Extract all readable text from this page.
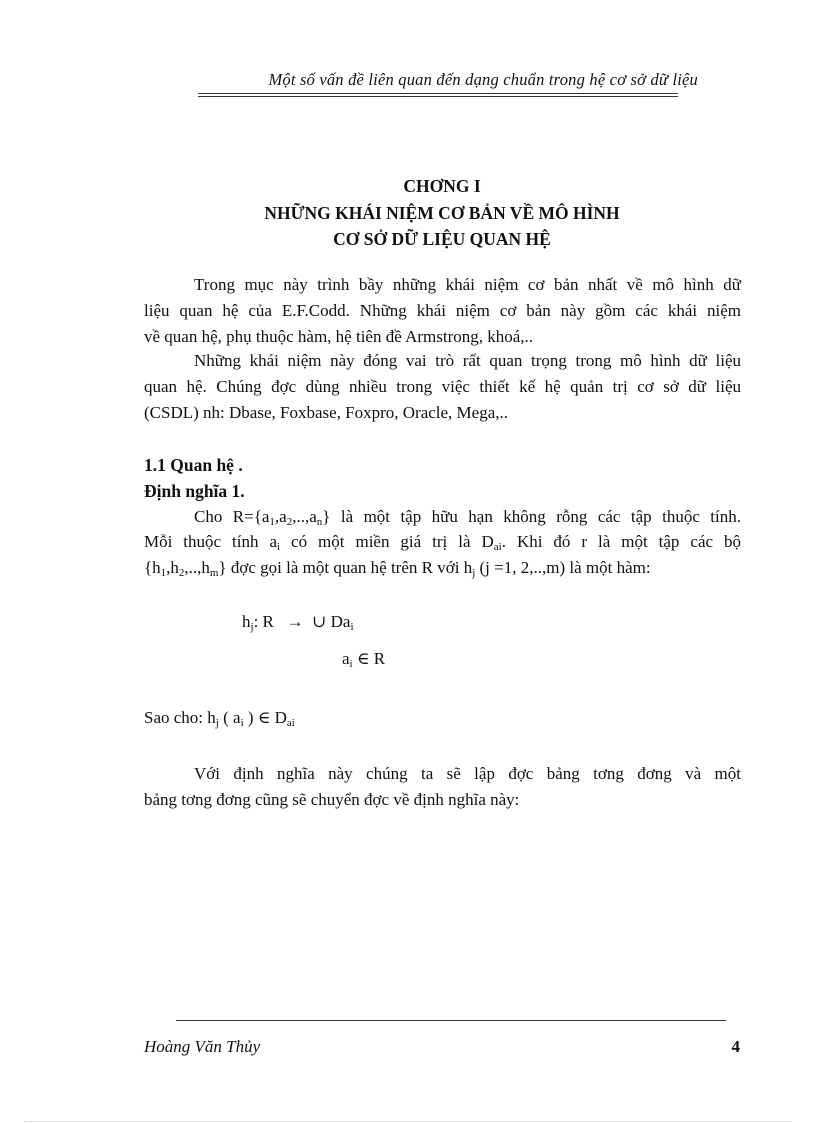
Một số vấn đề liên quan đến dạng chuẩn trong hệ cơ sở dữ liệu
CHƠNG I
NHỮNG KHÁI NIỆM CƠ BẢN VỀ MÔ HÌNH
CƠ SỞ DỮ LIỆU QUAN HỆ
Trong mục này trình bầy những khái niệm cơ bản nhất về mô hình dữ
liệu quan hệ của E.F.Codd. Những khái niệm cơ bản này gồm các khái niệm
về quan hệ, phụ thuộc hàm, hệ tiên đề Armstrong, khoá,..
Những khái niệm này đóng vai trò rất quan trọng trong mô hình dữ liệu
quan hệ. Chúng đợc dùng nhiều trong việc thiết kế hệ quản trị cơ sở dữ liệu
(CSDL) nh: Dbase, Foxbase, Foxpro, Oracle, Mega,..
1.1 Quan hệ .
Định nghĩa 1.
Cho $R=\{a_1,a_2,..,a_n\}$ là một tập hữu hạn không rỗng các tập thuộc tính.
Mỗi thuộc tính $a_i$ có một miền giá trị là $D_{ai}$. Khi đó r là một tập các bộ
$\{h_1,h_2,..,h_m\}$ đợc gọi là một quan hệ trên R với $h_j$ (j =1, 2,..,m) là một hàm:
$h_j$: R → ∪ $Da_i$
$a_i$ ∈ R
Sao cho: $h_j$ ( $a_i$ ) ∈ $D_{ai}$
Với định nghĩa này chúng ta sẽ lập đợc bảng tơng đơng và một
bảng tơng đơng cũng sẽ chuyển đợc về định nghĩa này:
Hoàng Văn Thủy	4
